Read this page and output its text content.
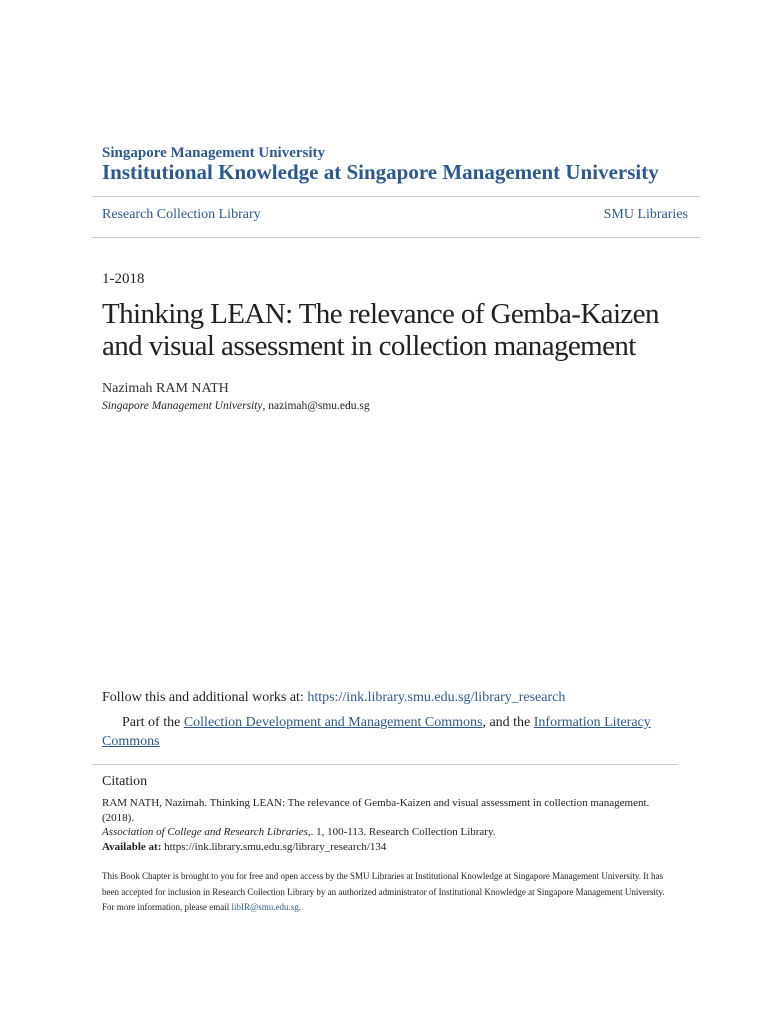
Singapore Management University
Institutional Knowledge at Singapore Management University
Research Collection Library	SMU Libraries
1-2018
Thinking LEAN: The relevance of Gemba-Kaizen and visual assessment in collection management
Nazimah RAM NATH
Singapore Management University, nazimah@smu.edu.sg
Follow this and additional works at: https://ink.library.smu.edu.sg/library_research
Part of the Collection Development and Management Commons, and the Information Literacy Commons
Citation
RAM NATH, Nazimah. Thinking LEAN: The relevance of Gemba-Kaizen and visual assessment in collection management. (2018).
Association of College and Research Libraries,. 1, 100-113. Research Collection Library.
Available at: https://ink.library.smu.edu.sg/library_research/134
This Book Chapter is brought to you for free and open access by the SMU Libraries at Institutional Knowledge at Singapore Management University. It has been accepted for inclusion in Research Collection Library by an authorized administrator of Institutional Knowledge at Singapore Management University. For more information, please email libIR@smu.edu.sg.
